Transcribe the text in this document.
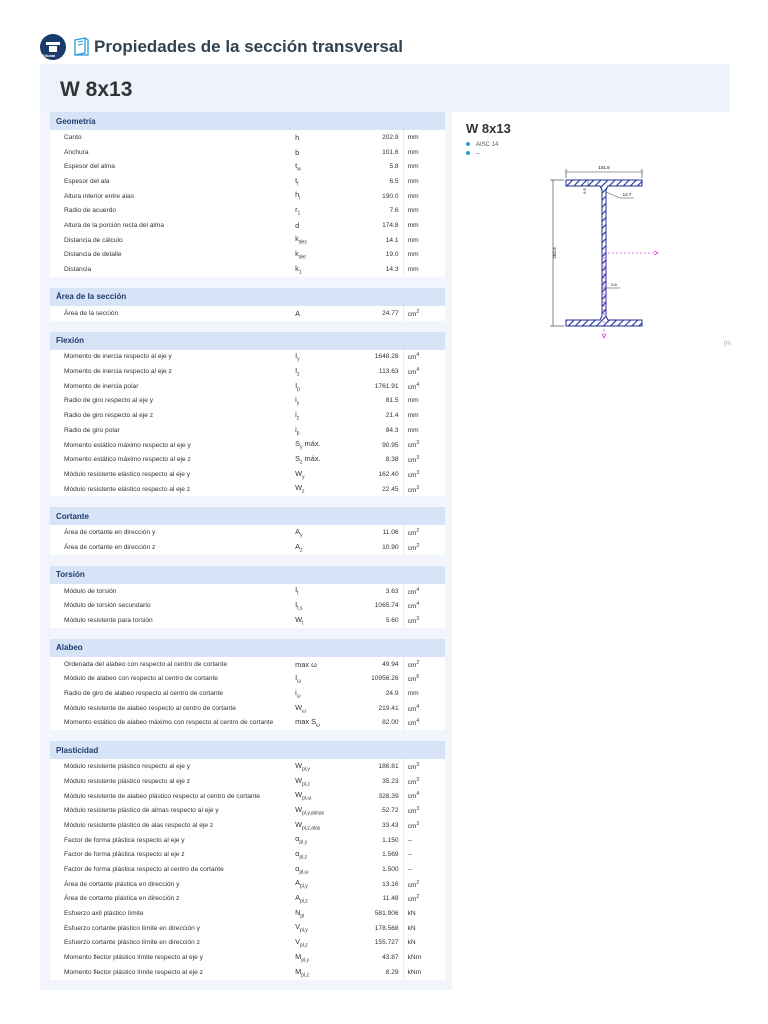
Dlubal Propiedades de la sección transversal
W 8x13
Geometría			
Canto	h	202.9	mm
Anchura	b	101.6	mm
Espesor del alma	$t_w$	5.8	mm
Espesor del ala	$t_f$	6.5	mm
Altura interior entre alas	$h_i$	190.0	mm
Radio de acuerdo	$r_1$	7.6	mm
Altura de la porción recta del alma	d	174.8	mm
Distancia de cálculo	$k_{des}$	14.1	mm
Distancia de detalle	$k_{det}$	19.0	mm
Distancia	$k_1$	14.3	mm

Área de la sección			
Área de la sección	A	24.77	$cm^2$

Flexión			
Momento de inercia respecto al eje y	$I_y$	1648.28	$cm^4$
Momento de inercia respecto al eje z	$I_z$	113.63	$cm^4$
Momento de inercia polar	$I_p$	1761.91	$cm^4$
Radio de giro respecto al eje y	$i_y$	81.5	mm
Radio de giro respecto al eje z	$i_z$	21.4	mm
Radio de giro polar	$i_p$	84.3	mm
Momento estático máximo respecto al eje y	$S_y$ máx.	90.95	$cm^3$
Momento estático máximo respecto al eje z	$S_z$ máx.	8.38	$cm^3$
Módulo resistente elástico respecto al eje y	$W_y$	162.40	$cm^3$
Módulo resistente elástico respecto al eje z	$W_z$	22.45	$cm^3$

Cortante			
Área de cortante en dirección y	$A_y$	11.06	$cm^2$
Área de cortante en dirección z	$A_z$	10.90	$cm^2$

Torsión			
Módulo de torsión	$I_t$	3.63	$cm^4$
Módulo de torsión secundario	$I_{t,s}$	1065.74	$cm^4$
Módulo resistente para torsión	$W_t$	5.60	$cm^3$

Alabeo			
Ordenada del alabeo con respecto al centro de cortante	max ω	49.94	$cm^2$
Módulo de alabeo con respecto al centro de cortante	$I_\omega$	10956.26	$cm^6$
Radio de giro de alabeo respecto al centro de cortante	$i_\omega$	24.9	mm
Módulo resistente de alabeo respecto al centro de cortante	$W_\omega$	219.41	$cm^4$
Momento estático de alabeo máximo con respecto al centro de cortante	$\max S_\omega$	82.00	$cm^4$

Plasticidad			
Módulo resistente plástico respecto al eje y	$W_{pl,y}$	186.81	$cm^3$
Módulo resistente plástico respecto al eje z	$W_{pl,z}$	35.23	$cm^3$
Módulo resistente de alabeo plástico respecto al centro de cortante	$W_{pl,\omega}$	328.39	$cm^4$
Módulo resistente plástico de almas respecto al eje y	$W_{pl,y,almas}$	52.72	$cm^3$
Módulo resistente plástico de alas respecto al eje z	$W_{pl,z,alas}$	33.43	$cm^3$
Factor de forma plástica respecto al eje y	$\alpha_{pl,y}$	1.150	--
Factor de forma plástica respecto al eje z	$\alpha_{pl,z}$	1.569	--
Factor de forma plástica respecto al centro de cortante	$\alpha_{pl,\omega}$	1.500	--
Área de cortante plástica en dirección y	$A_{pl,y}$	13.16	$cm^2$
Área de cortante plástica en dirección z	$A_{pl,z}$	11.48	$cm^2$
Esfuerzo axil plástico límite	$N_{pl}$	581.906	kN
Esfuerzo cortante plástico límite en dirección y	$V_{pl,y}$	178.568	kN
Esfuerzo cortante plástico límite en dirección z	$V_{pl,z}$	155.727	kN
Momento flector plástico límite respecto al eje y	$M_{pl,y}$	43.87	kNm
Momento flector plástico límite respecto al eje z	$M_{pl,z}$	8.29	kNm
W 8x13
AISC 14
--
101.6
202.9
6.5
12.7
5.8
[m
